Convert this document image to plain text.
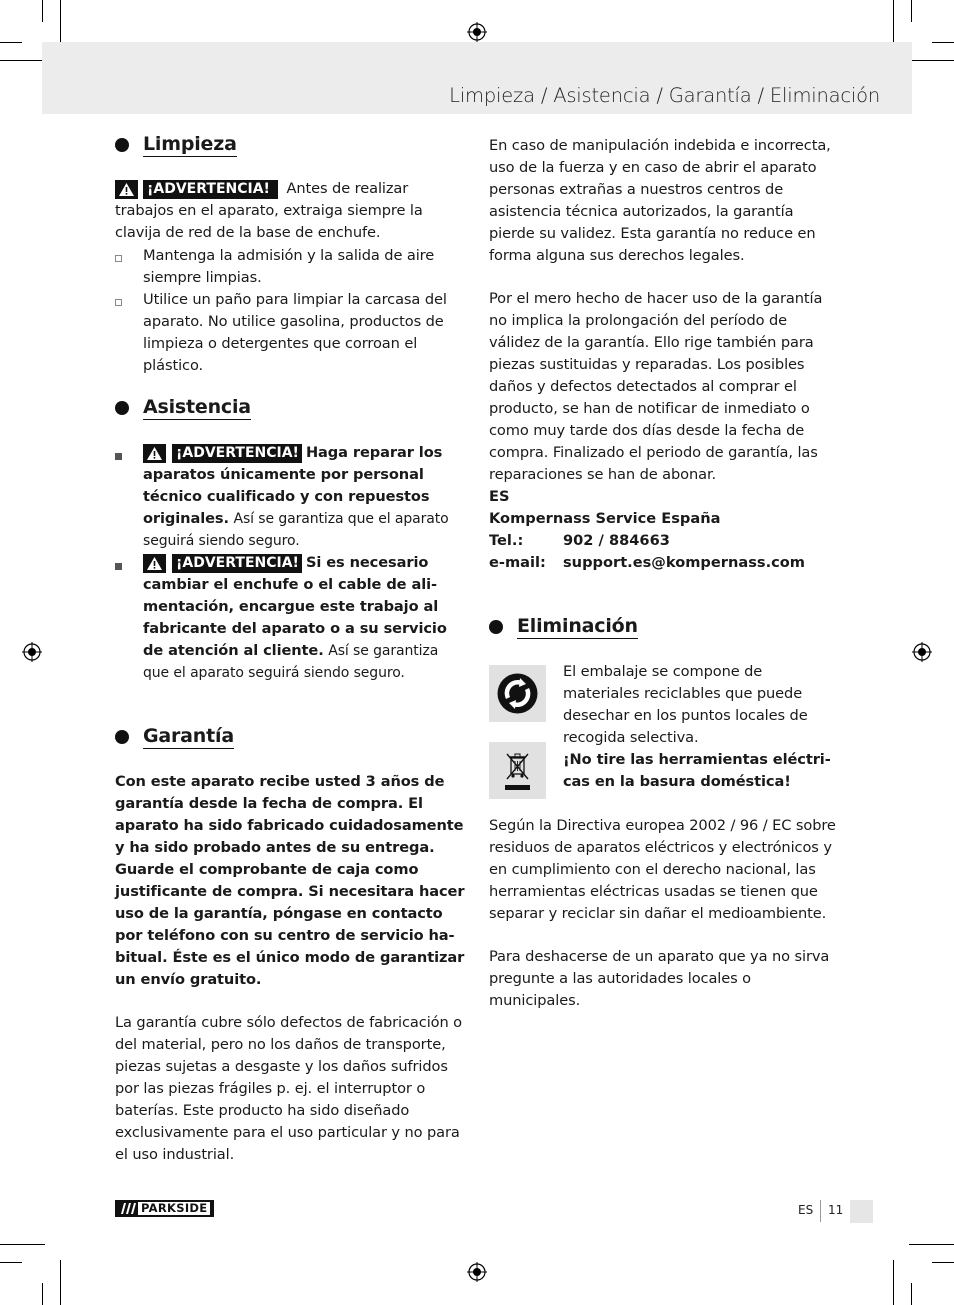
Limpieza / Asistencia / Garantía / Eliminación
Limpieza
¡ADVERTENCIA! Antes de realizar trabajos en el aparato, extraiga siempre la clavija de red de la base de enchufe.
Mantenga la admisión y la salida de aire siempre limpias.
Utilice un paño para limpiar la carcasa del aparato. No utilice gasolina, productos de limpieza o detergentes que corroan el plástico.
Asistencia
¡ADVERTENCIA! Haga reparar los aparatos únicamente por personal técnico cualificado y con repuestos originales. Así se garantiza que el aparato seguirá siendo seguro.
¡ADVERTENCIA! Si es necesario cambiar el enchufe o el cable de alimentación, encargue este trabajo al fabricante del aparato o a su servicio de atención al cliente. Así se garantiza que el aparato seguirá siendo seguro.
Garantía

Con este aparato recibe usted 3 años de garantía desde la fecha de compra. El aparato ha sido fabricado cuidadosamente y ha sido probado antes de su entrega. Guarde el comprobante de caja como justificante de compra. Si necesitara hacer uso de la garantía, póngase en contacto por teléfono con su centro de servicio habitual. Éste es el único modo de garantizar un envío gratuito.

La garantía cubre sólo defectos de fabricación o del material, pero no los daños de transporte, piezas sujetas a desgaste y los daños sufridos por las piezas frágiles p. ej. el interruptor o baterías. Este producto ha sido diseñado exclusivamente para el uso particular y no para el uso industrial.

En caso de manipulación indebida e incorrecta, uso de la fuerza y en caso de abrir el aparato personas extrañas a nuestros centros de asistencia técnica autorizados, la garantía pierde su validez. Esta garantía no reduce en forma alguna sus derechos legales.

Por el mero hecho de hacer uso de la garantía no implica la prolongación del período de válidez de la garantía. Ello rige también para piezas sustituidas y reparadas. Los posibles daños y defectos detectados al comprar el producto, se han de notificar de inmediato o como muy tarde dos días desde la fecha de compra. Finalizado el periodo de garantía, las reparaciones se han de abonar.

ES
Kompernass Service España
Tel.:	902 / 884663
e-mail:	support.es@kompernass.com
Eliminación

El embalaje se compone de materiales reciclables que puede desechar en los puntos locales de recogida selectiva.

¡No tire las herramientas eléctricas en la basura doméstica!

Según la Directiva europea 2002 / 96 / EC sobre residuos de aparatos eléctricos y electrónicos y en cumplimiento con el derecho nacional, las herramientas eléctricas usadas se tienen que separar y reciclar sin dañar el medioambiente.

Para deshacerse de un aparato que ya no sirva pregunte a las autoridades locales o municipales.

PARKSIDE	ES 11
